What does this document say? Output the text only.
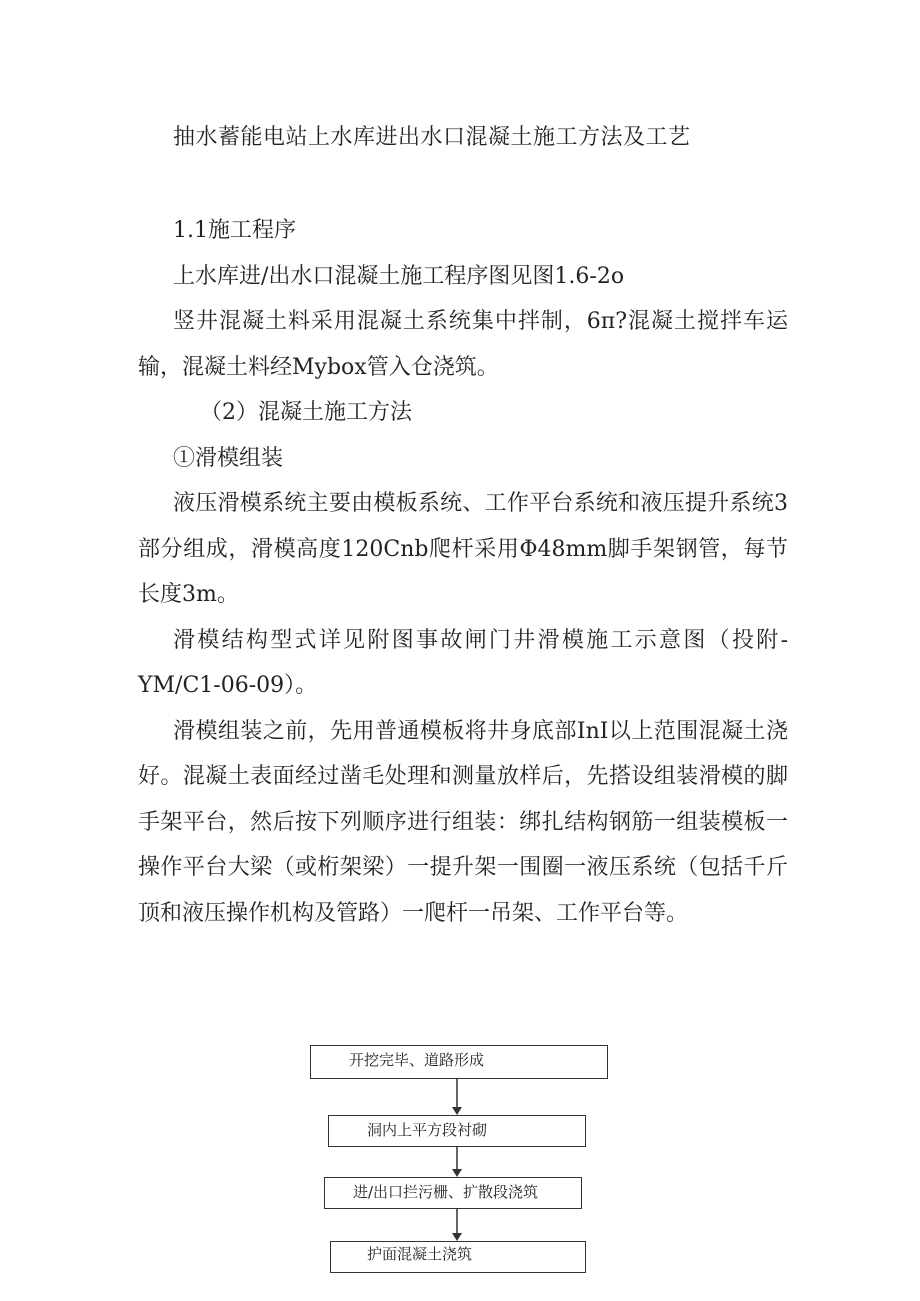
抽水蓄能电站上水库进出水口混凝土施工方法及工艺

1.1施工程序

上水库进/出水口混凝土施工程序图见图1.6-2o

竖井混凝土料采用混凝土系统集中拌制，6π?混凝土搅拌车运输，混凝土料经Mybox管入仓浇筑。

（2）混凝土施工方法

①滑模组装

液压滑模系统主要由模板系统、工作平台系统和液压提升系统3部分组成，滑模高度120Cnb爬杆采用Φ48mm脚手架钢管，每节长度3m。

滑模结构型式详见附图事故闸门井滑模施工示意图（投附-YM/C1-06-09）。

滑模组装之前，先用普通模板将井身底部InI以上范围混凝土浇好。混凝土表面经过凿毛处理和测量放样后，先搭设组装滑模的脚手架平台，然后按下列顺序进行组装：绑扎结构钢筋一组装模板一操作平台大梁（或桁架梁）一提升架一围圈一液压系统（包括千斤顶和液压操作机构及管路）一爬杆一吊架、工作平台等。

开挖完毕、道路形成
洞内上平方段衬砌
进/出口拦污栅、扩散段浇筑
护面混凝土浇筑
